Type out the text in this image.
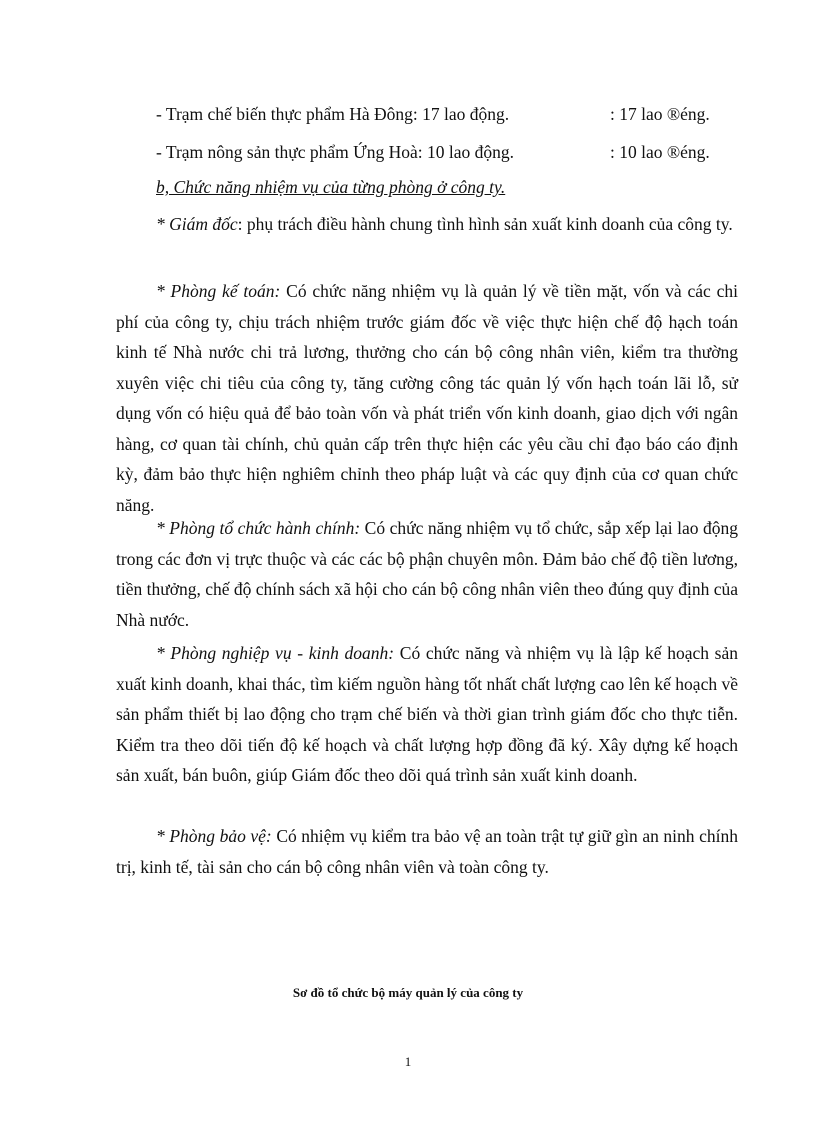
- Trạm chế biến thực phẩm Hà Đông: 17 lao động.	: 17 lao ®éng.
- Trạm nông sản thực phẩm Ứng Hoà: 10 lao động.	: 10 lao ®éng.
b, Chức năng nhiệm vụ của từng phòng ở công ty.
* Giám đốc: phụ trách điều hành chung tình hình sản xuất kinh doanh của công ty.
* Phòng kế toán: Có chức năng nhiệm vụ là quản lý về tiền mặt, vốn và các chi phí của công ty, chịu trách nhiệm trước giám đốc về việc thực hiện chế độ hạch toán kinh tế Nhà nước chi trả lương, thưởng cho cán bộ công nhân viên, kiểm tra thường xuyên việc chi tiêu của công ty, tăng cường công tác quản lý vốn hạch toán lãi lỗ, sử dụng vốn có hiệu quả để bảo toàn vốn và phát triển vốn kinh doanh, giao dịch với ngân hàng, cơ quan tài chính, chủ quản cấp trên thực hiện các yêu cầu chỉ đạo báo cáo định kỳ, đảm bảo thực hiện nghiêm chỉnh theo pháp luật và các quy định của cơ quan chức năng.
* Phòng tổ chức hành chính: Có chức năng nhiệm vụ tổ chức, sắp xếp lại lao động trong các đơn vị trực thuộc và các các bộ phận chuyên môn. Đảm bảo chế độ tiền lương, tiền thưởng, chế độ chính sách xã hội cho cán bộ công nhân viên theo đúng quy định của Nhà nước.
* Phòng nghiệp vụ - kinh doanh: Có chức năng và nhiệm vụ là lập kế hoạch sản xuất kinh doanh, khai thác, tìm kiếm nguồn hàng tốt nhất chất lượng cao lên kế hoạch về sản phẩm thiết bị lao động cho trạm chế biến và thời gian trình giám đốc cho thực tiễn. Kiểm tra theo dõi tiến độ kế hoạch và chất lượng hợp đồng đã ký. Xây dựng kế hoạch sản xuất, bán buôn, giúp Giám đốc theo dõi quá trình sản xuất kinh doanh.
* Phòng bảo vệ: Có nhiệm vụ kiểm tra bảo vệ an toàn trật tự giữ gìn an ninh chính trị, kinh tế, tài sản cho cán bộ công nhân viên và toàn công ty.
Sơ đồ tổ chức bộ máy quản lý của công ty
1
